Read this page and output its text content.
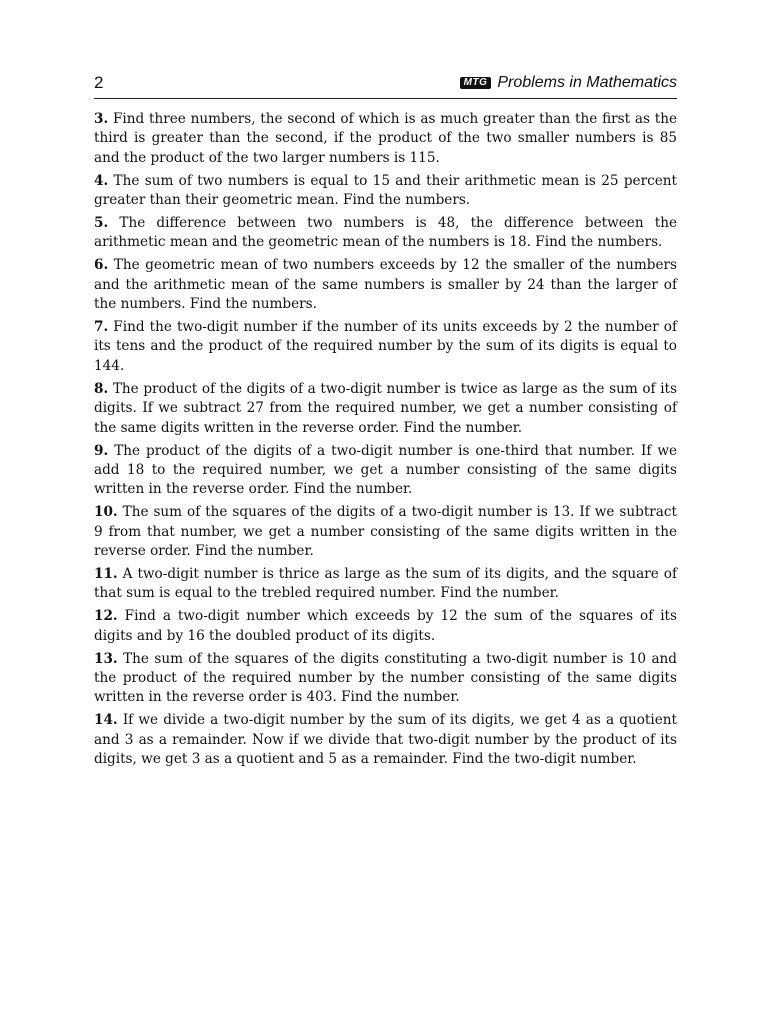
2	MTG Problems in Mathematics

3. Find three numbers, the second of which is as much greater than the first as the third is greater than the second, if the product of the two smaller numbers is 85 and the product of the two larger numbers is 115.

4. The sum of two numbers is equal to 15 and their arithmetic mean is 25 percent greater than their geometric mean. Find the numbers.

5. The difference between two numbers is 48, the difference between the arithmetic mean and the geometric mean of the numbers is 18. Find the numbers.

6. The geometric mean of two numbers exceeds by 12 the smaller of the numbers and the arithmetic mean of the same numbers is smaller by 24 than the larger of the numbers. Find the numbers.

7. Find the two-digit number if the number of its units exceeds by 2 the number of its tens and the product of the required number by the sum of its digits is equal to 144.

8. The product of the digits of a two-digit number is twice as large as the sum of its digits. If we subtract 27 from the required number, we get a number consisting of the same digits written in the reverse order. Find the number.

9. The product of the digits of a two-digit number is one-third that number. If we add 18 to the required number, we get a number consisting of the same digits written in the reverse order. Find the number.

10. The sum of the squares of the digits of a two-digit number is 13. If we subtract 9 from that number, we get a number consisting of the same digits written in the reverse order. Find the number.

11. A two-digit number is thrice as large as the sum of its digits, and the square of that sum is equal to the trebled required number. Find the number.

12. Find a two-digit number which exceeds by 12 the sum of the squares of its digits and by 16 the doubled product of its digits.

13. The sum of the squares of the digits constituting a two-digit number is 10 and the product of the required number by the number consisting of the same digits written in the reverse order is 403. Find the number.

14. If we divide a two-digit number by the sum of its digits, we get 4 as a quotient and 3 as a remainder. Now if we divide that two-digit number by the product of its digits, we get 3 as a quotient and 5 as a remainder. Find the two-digit number.
